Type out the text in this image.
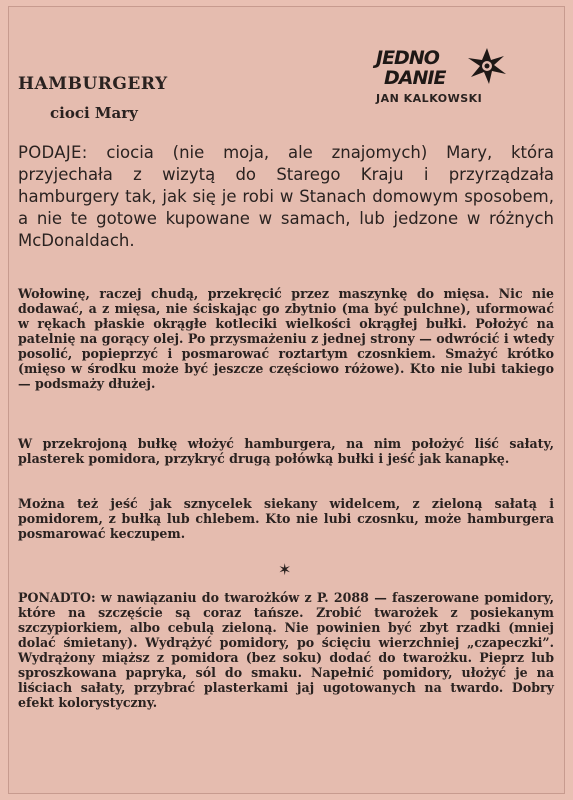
HAMBURGERY
cioci Mary
JEDNO
DANIE
JAN KALKOWSKI

PODAJE: ciocia (nie moja, ale znajomych) Mary, która przyjechała z wizytą do Starego Kraju i przyrządzała hamburgery tak, jak się je robi w Stanach domowym sposobem, a nie te gotowe kupowane w samach, lub jedzone w różnych McDonaldach.

Wołowinę, raczej chudą, przekręcić przez maszynkę do mięsa. Nic nie dodawać, a z mięsa, nie ściskając go zbytnio (ma być pulchne), uformować w rękach płaskie okrągłe kotleciki wielkości okrągłej bułki. Położyć na patelnię na gorący olej. Po przysmażeniu z jednej strony — odwrócić i wtedy posolić, popieprzyć i posmarować roztartym czosnkiem. Smażyć krótko (mięso w środku może być jeszcze częściowo różowe). Kto nie lubi takiego — podsmaży dłużej.

W przekrojoną bułkę włożyć hamburgera, na nim położyć liść sałaty, plasterek pomidora, przykryć drugą połówką bułki i jeść jak kanapkę.

Można też jeść jak sznycelek siekany widelcem, z zieloną sałatą i pomidorem, z bułką lub chlebem. Kto nie lubi czosnku, może hamburgera posmarować keczupem.

✶

PONADTO: w nawiązaniu do twarożków z P. 2088 — faszerowane pomidory, które na szczęście są coraz tańsze. Zrobić twarożek z posiekanym szczypiorkiem, albo cebulą zieloną. Nie powinien być zbyt rzadki (mniej dolać śmietany). Wydrążyć pomidory, po ścięciu wierzchniej „czapeczki”. Wydrążony miąższ z pomidora (bez soku) dodać do twarożku. Pieprz lub sproszkowana papryka, sól do smaku. Napełnić pomidory, ułożyć je na liściach sałaty, przybrać plasterkami jaj ugotowanych na twardo. Dobry efekt kolorystyczny.
